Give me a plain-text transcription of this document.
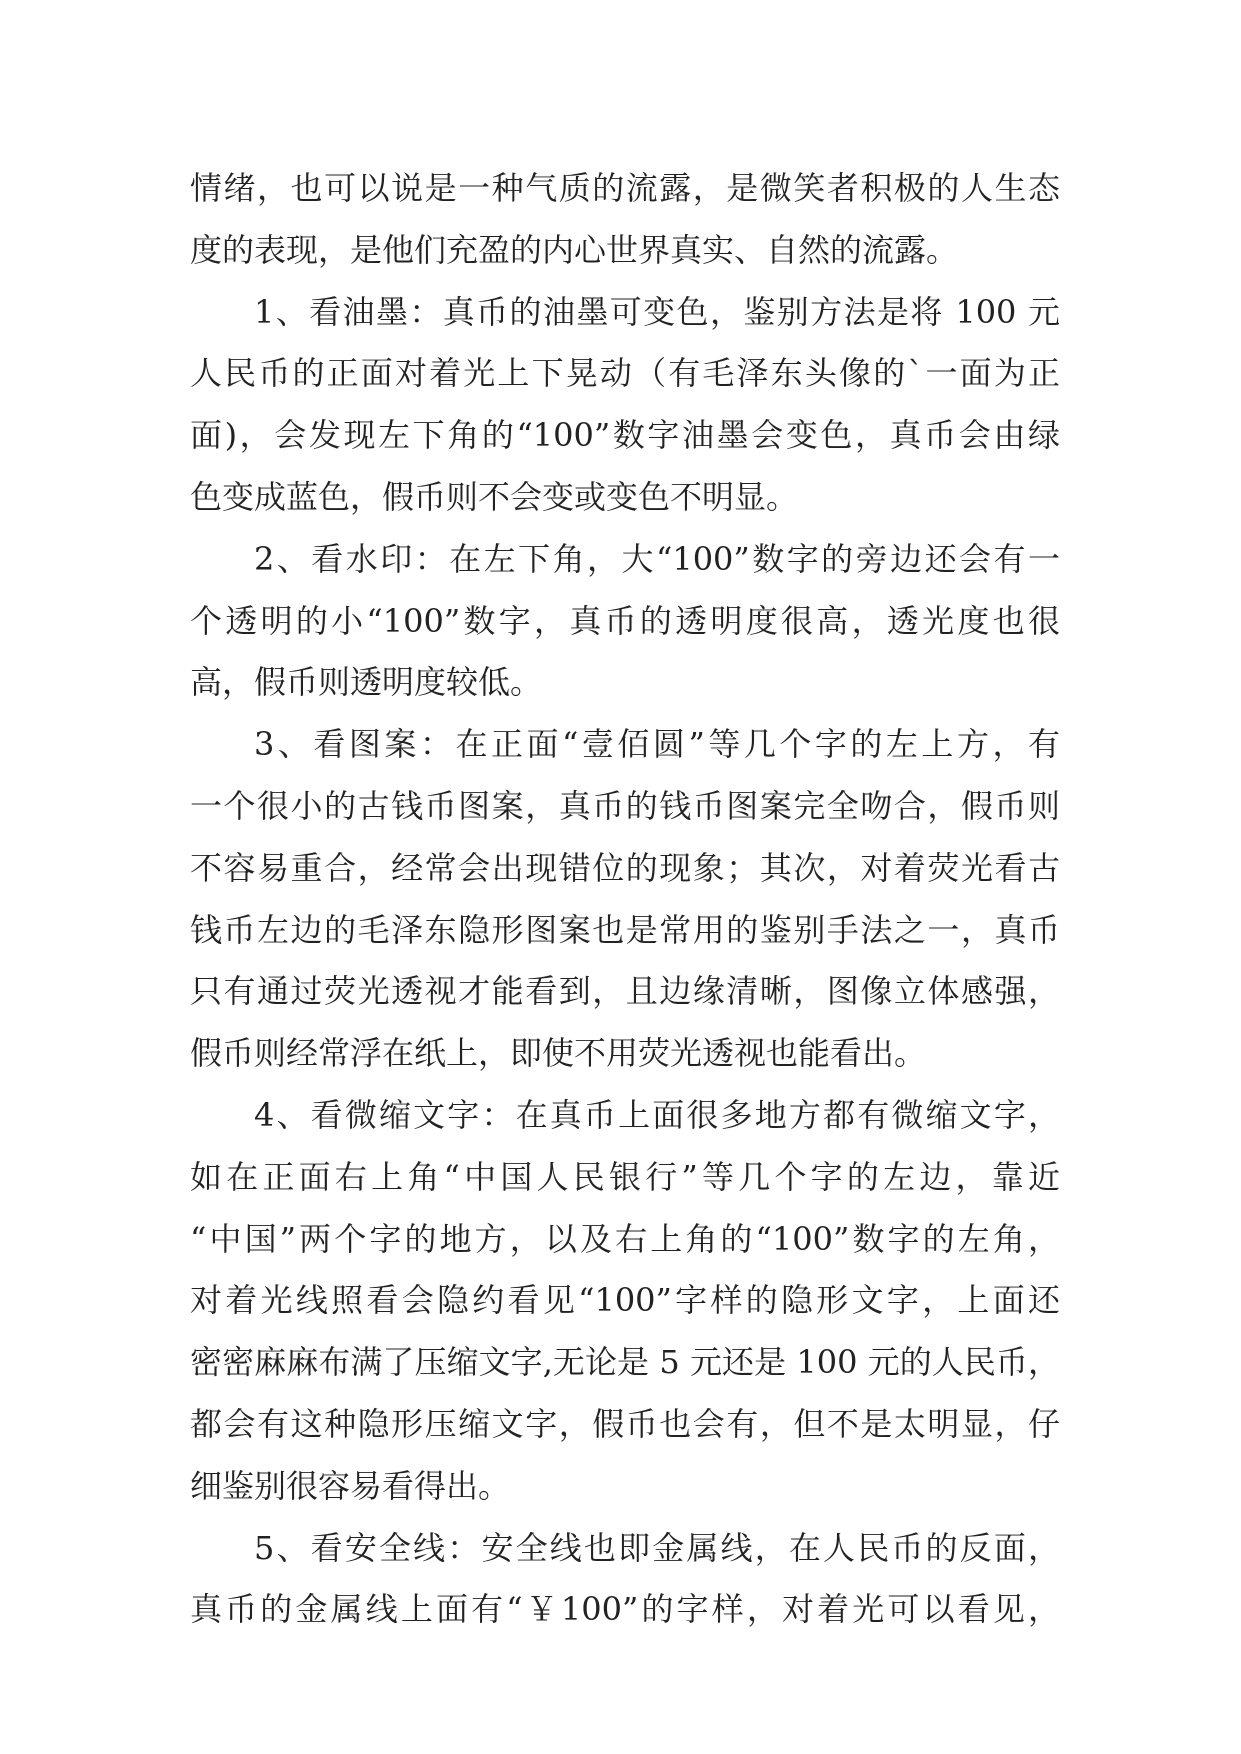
情绪，也可以说是一种气质的流露，是微笑者积极的人生态
度的表现，是他们充盈的内心世界真实、自然的流露。
1、看油墨：真币的油墨可变色，鉴别方法是将 100 元
人民币的正面对着光上下晃动（有毛泽东头像的`一面为正
面)，会发现左下角的“100”数字油墨会变色，真币会由绿
色变成蓝色，假币则不会变或变色不明显。
2、看水印：在左下角，大“100”数字的旁边还会有一
个透明的小“100”数字，真币的透明度很高，透光度也很
高，假币则透明度较低。
3、看图案：在正面“壹佰圆”等几个字的左上方，有
一个很小的古钱币图案，真币的钱币图案完全吻合，假币则
不容易重合，经常会出现错位的现象；其次，对着荧光看古
钱币左边的毛泽东隐形图案也是常用的鉴别手法之一，真币
只有通过荧光透视才能看到，且边缘清晰，图像立体感强，
假币则经常浮在纸上，即使不用荧光透视也能看出。
4、看微缩文字：在真币上面很多地方都有微缩文字，
如在正面右上角“中国人民银行”等几个字的左边，靠近
“中国”两个字的地方，以及右上角的“100”数字的左角，
对着光线照看会隐约看见“100”字样的隐形文字，上面还
密密麻麻布满了压缩文字,无论是 5 元还是 100 元的人民币，
都会有这种隐形压缩文字，假币也会有，但不是太明显，仔
细鉴别很容易看得出。
5、看安全线：安全线也即金属线，在人民币的反面，
真币的金属线上面有“￥100”的字样，对着光可以看见，
